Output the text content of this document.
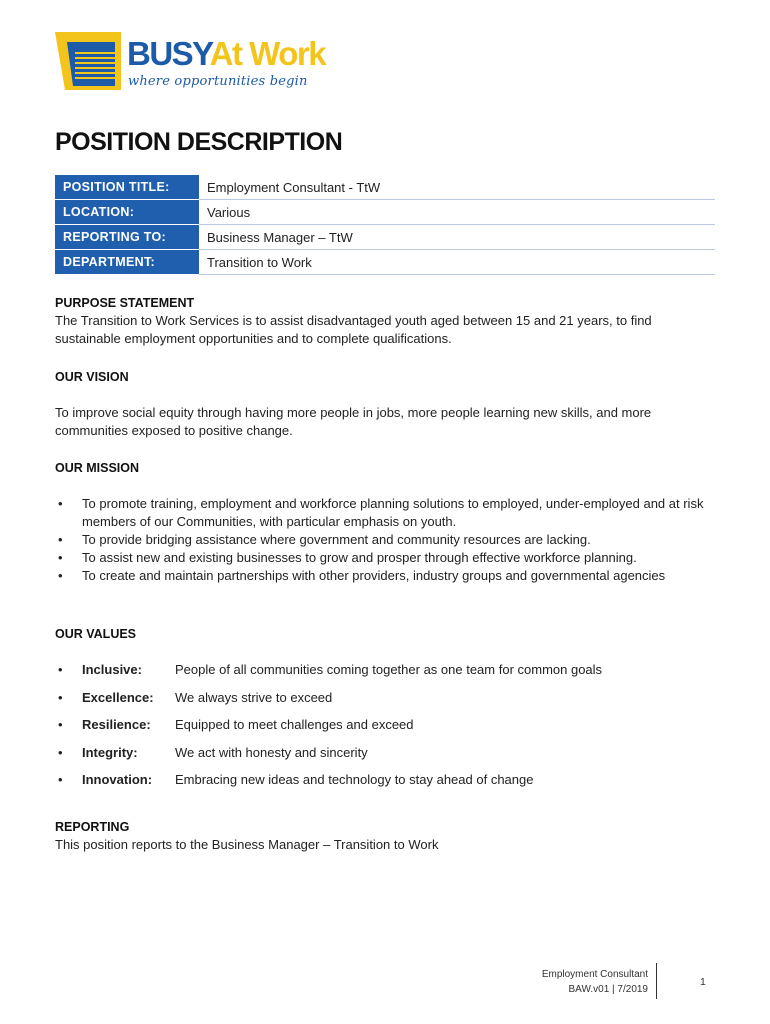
BUSYAt Work
where opportunities begin
POSITION DESCRIPTION
POSITION TITLE:	Employment Consultant - TtW
LOCATION:	Various
REPORTING TO:	Business Manager – TtW
DEPARTMENT:	Transition to Work

PURPOSE STATEMENT

The Transition to Work Services is to assist disadvantaged youth aged between 15 and 21 years, to find sustainable employment opportunities and to complete qualifications.

OUR VISION

To improve social equity through having more people in jobs, more people learning new skills, and more communities exposed to positive change.

OUR MISSION

• To promote training, employment and workforce planning solutions to employed, under-employed and at risk members of our Communities, with particular emphasis on youth.
• To provide bridging assistance where government and community resources are lacking.
• To assist new and existing businesses to grow and prosper through effective workforce planning.
• To create and maintain partnerships with other providers, industry groups and governmental agencies

OUR VALUES

• Inclusive:	People of all communities coming together as one team for common goals
• Excellence:	We always strive to exceed
• Resilience:	Equipped to meet challenges and exceed
• Integrity:	We act with honesty and sincerity
• Innovation:	Embracing new ideas and technology to stay ahead of change

REPORTING

This position reports to the Business Manager – Transition to Work

Employment Consultant
BAW.v01 | 7/2019
1
